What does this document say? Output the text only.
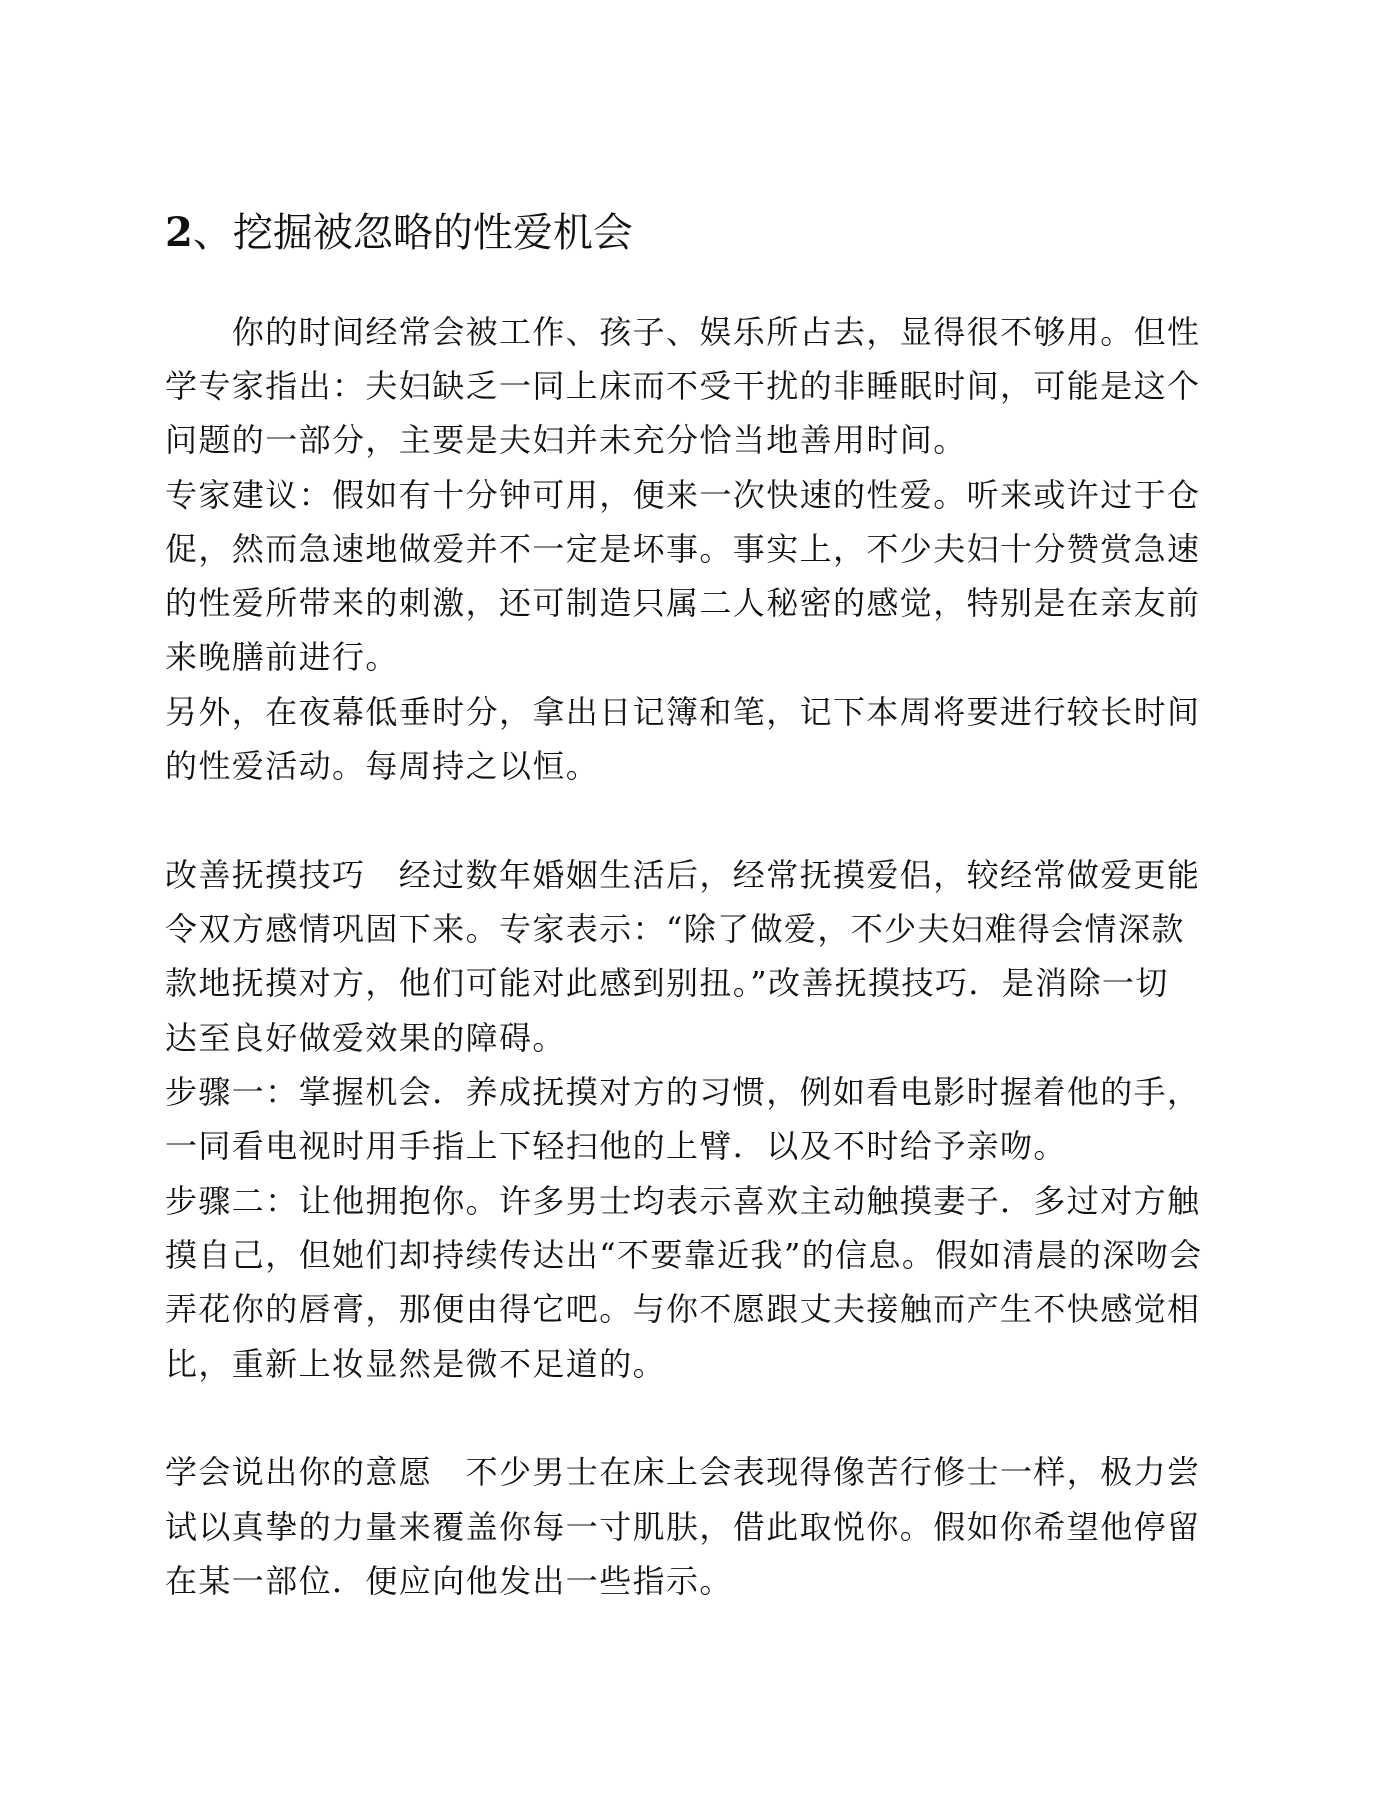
2、挖掘被忽略的性爱机会

　　你的时间经常会被工作、孩子、娱乐所占去，显得很不够用。但性

学专家指出：夫妇缺乏一同上床而不受干扰的非睡眠时间，可能是这个

问题的一部分，主要是夫妇并未充分恰当地善用时间。

专家建议：假如有十分钟可用，便来一次快速的性爱。听来或许过于仓

促，然而急速地做爱并不一定是坏事。事实上，不少夫妇十分赞赏急速

的性爱所带来的刺激，还可制造只属二人秘密的感觉，特别是在亲友前

来晚膳前进行。

另外，在夜幕低垂时分，拿出日记簿和笔，记下本周将要进行较长时间

的性爱活动。每周持之以恒。

改善抚摸技巧　经过数年婚姻生活后，经常抚摸爱侣，较经常做爱更能

令双方感情巩固下来。专家表示：“除了做爱，不少夫妇难得会情深款

款地抚摸对方，他们可能对此感到别扭。”改善抚摸技巧．是消除一切

达至良好做爱效果的障碍。

步骤一：掌握机会．养成抚摸对方的习惯，例如看电影时握着他的手，

一同看电视时用手指上下轻扫他的上臂．以及不时给予亲吻。

步骤二：让他拥抱你。许多男士均表示喜欢主动触摸妻子．多过对方触

摸自己，但她们却持续传达出“不要靠近我”的信息。假如清晨的深吻会

弄花你的唇膏，那便由得它吧。与你不愿跟丈夫接触而产生不快感觉相

比，重新上妆显然是微不足道的。

学会说出你的意愿　不少男士在床上会表现得像苦行修士一样，极力尝

试以真挚的力量来覆盖你每一寸肌肤，借此取悦你。假如你希望他停留

在某一部位．便应向他发出一些指示。
